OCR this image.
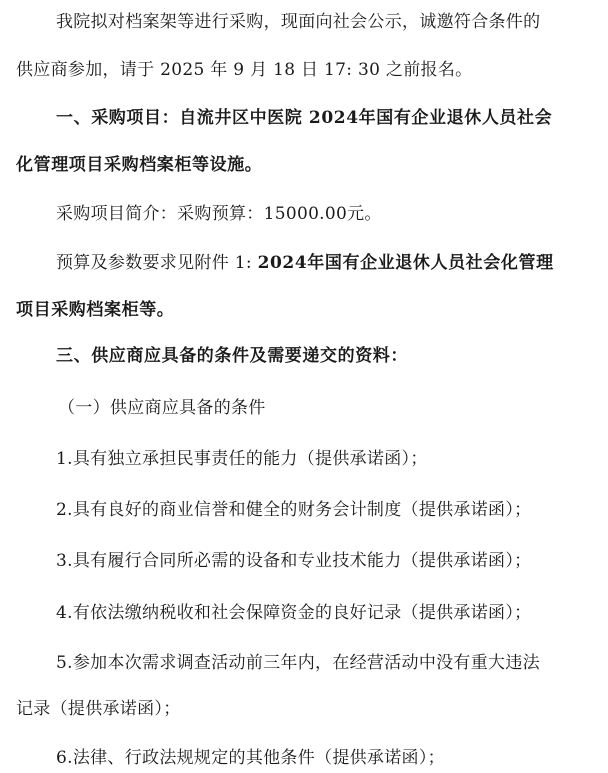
我院拟对档案架等进行采购，现面向社会公示，诚邀符合条件的
供应商参加，请于 2025 年 9 月 18 日 17: 30 之前报名。
一、采购项目：自流井区中医院 2024年国有企业退休人员社会
化管理项目采购档案柜等设施。
采购项目简介：采购预算：15000.00元。
预算及参数要求见附件 1: 2024年国有企业退休人员社会化管理
项目采购档案柜等。
三、供应商应具备的条件及需要递交的资料：
（一）供应商应具备的条件
1.具有独立承担民事责任的能力（提供承诺函）；
2.具有良好的商业信誉和健全的财务会计制度（提供承诺函）；
3.具有履行合同所必需的设备和专业技术能力（提供承诺函）；
4.有依法缴纳税收和社会保障资金的良好记录（提供承诺函）；
5.参加本次需求调查活动前三年内，在经营活动中没有重大违法
记录（提供承诺函）；
6.法律、行政法规规定的其他条件（提供承诺函）；
